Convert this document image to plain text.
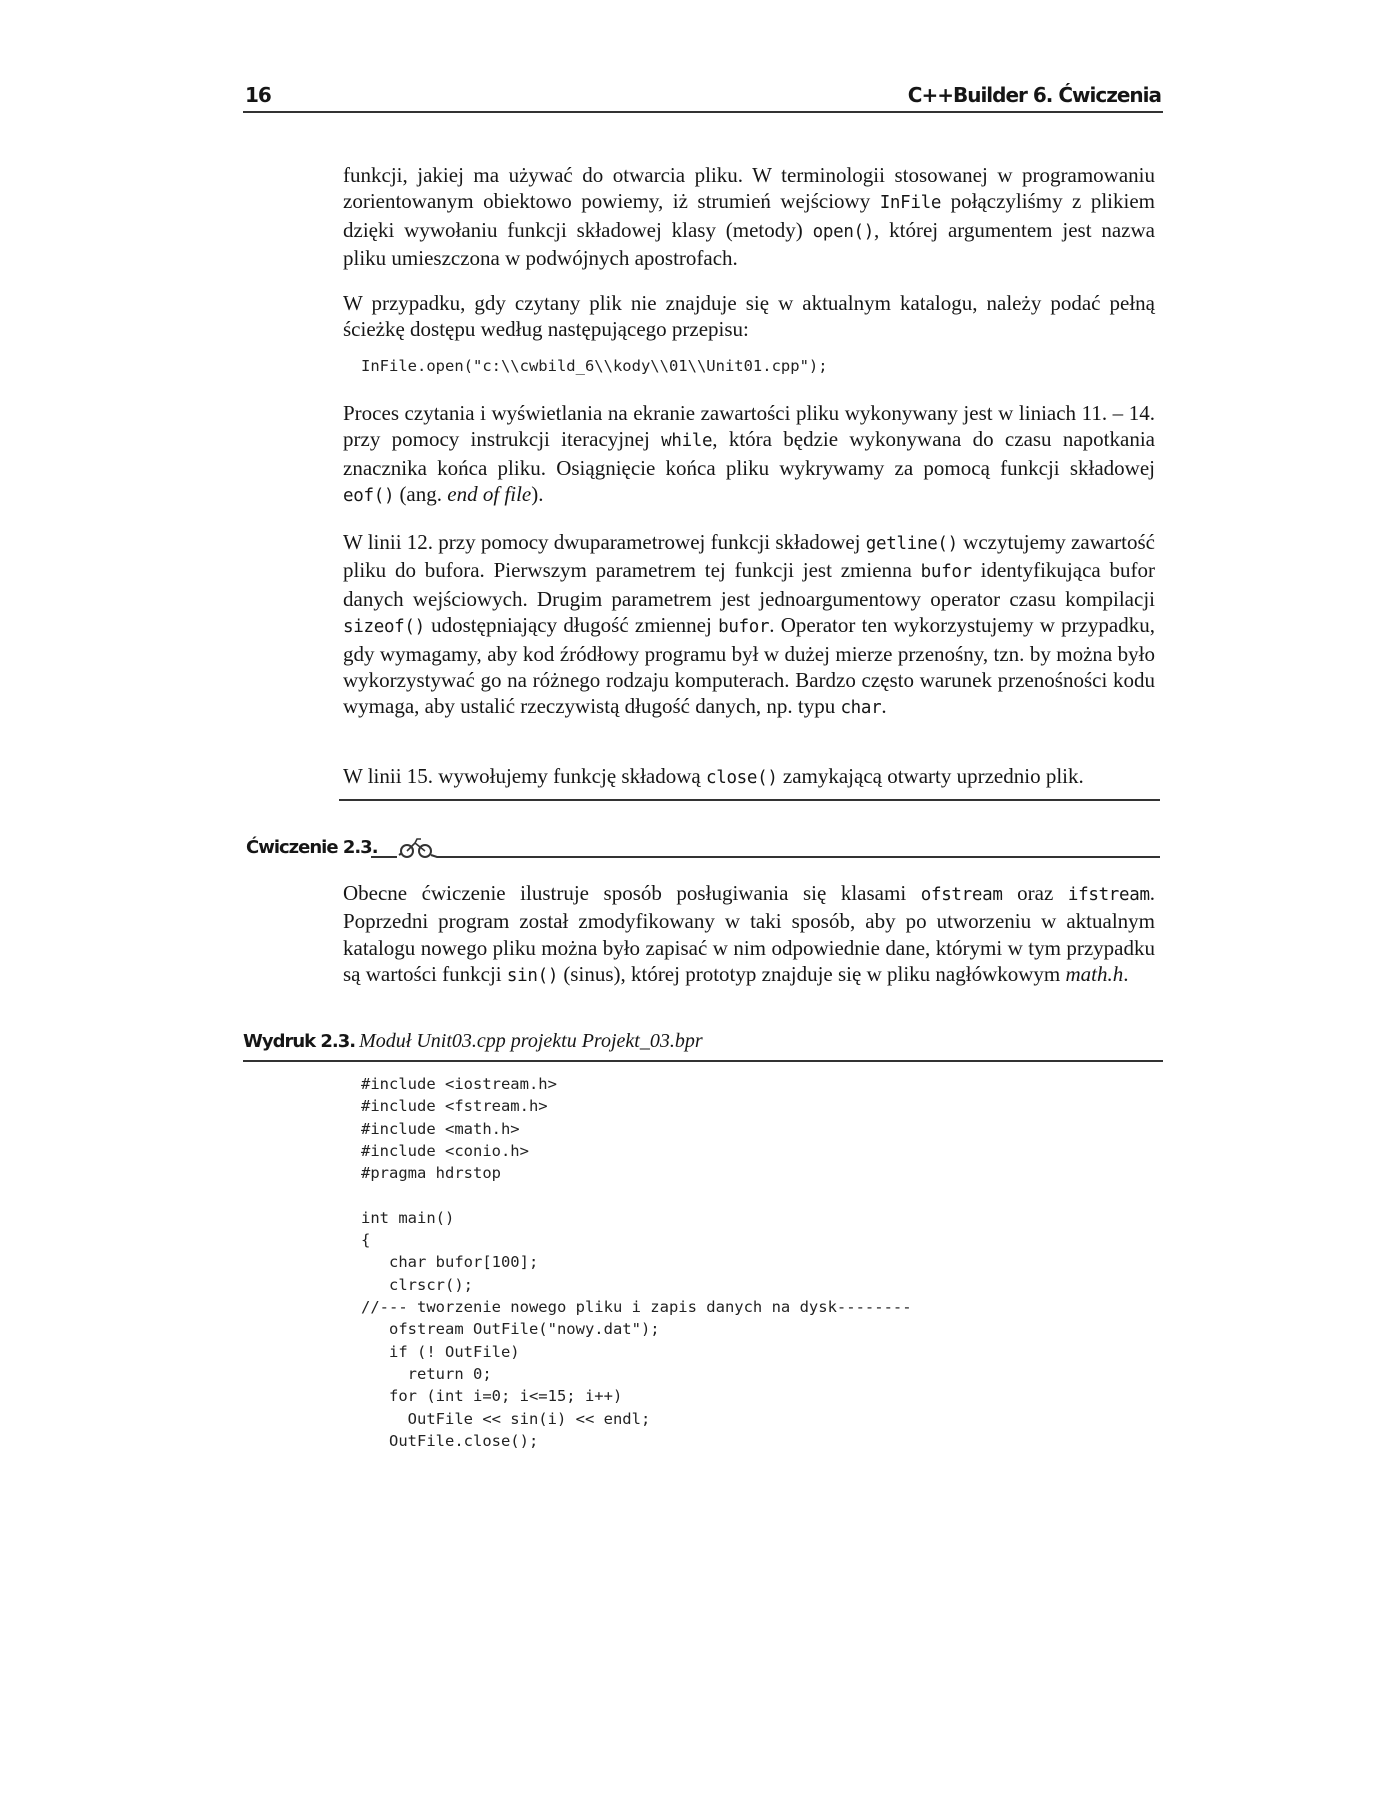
16	C++Builder 6. Ćwiczenia

funkcji, jakiej ma używać do otwarcia pliku. W terminologii stosowanej w programowaniu zorientowanym obiektowo powiemy, iż strumień wejściowy InFile połączyliśmy z plikiem dzięki wywołaniu funkcji składowej klasy (metody) open(), której argumentem jest nazwa pliku umieszczona w podwójnych apostrofach.

W przypadku, gdy czytany plik nie znajduje się w aktualnym katalogu, należy podać pełną ścieżkę dostępu według następującego przepisu:

InFile.open("c:\\cwbild_6\\kody\\01\\Unit01.cpp");

Proces czytania i wyświetlania na ekranie zawartości pliku wykonywany jest w liniach 11. – 14. przy pomocy instrukcji iteracyjnej while, która będzie wykonywana do czasu napotkania znacznika końca pliku. Osiągnięcie końca pliku wykrywamy za pomocą funkcji składowej eof() (ang. end of file).

W linii 12. przy pomocy dwuparametrowej funkcji składowej getline() wczytujemy zawartość pliku do bufora. Pierwszym parametrem tej funkcji jest zmienna bufor identyfikująca bufor danych wejściowych. Drugim parametrem jest jednoargumentowy operator czasu kompilacji sizeof() udostępniający długość zmiennej bufor. Operator ten wykorzystujemy w przypadku, gdy wymagamy, aby kod źródłowy programu był w dużej mierze przenośny, tzn. by można było wykorzystywać go na różnego rodzaju komputerach. Bardzo często warunek przenośności kodu wymaga, aby ustalić rzeczywistą długość danych, np. typu char.

W linii 15. wywołujemy funkcję składową close() zamykającą otwarty uprzednio plik.

Ćwiczenie 2.3.

Obecne ćwiczenie ilustruje sposób posługiwania się klasami ofstream oraz ifstream. Poprzedni program został zmodyfikowany w taki sposób, aby po utworzeniu w aktualnym katalogu nowego pliku można było zapisać w nim odpowiednie dane, którymi w tym przypadku są wartości funkcji sin() (sinus), której prototyp znajduje się w pliku nagłówkowym math.h.

Wydruk 2.3. Moduł Unit03.cpp projektu Projekt_03.bpr
#include <iostream.h>
#include <fstream.h>
#include <math.h>
#include <conio.h>
#pragma hdrstop
int main()
{
char bufor[100];
clrscr();
//--- tworzenie nowego pliku i zapis danych na dysk--------
ofstream OutFile("nowy.dat");
if (! OutFile)
return 0;
for (int i=0; i<=15; i++)
OutFile << sin(i) << endl;
OutFile.close();
